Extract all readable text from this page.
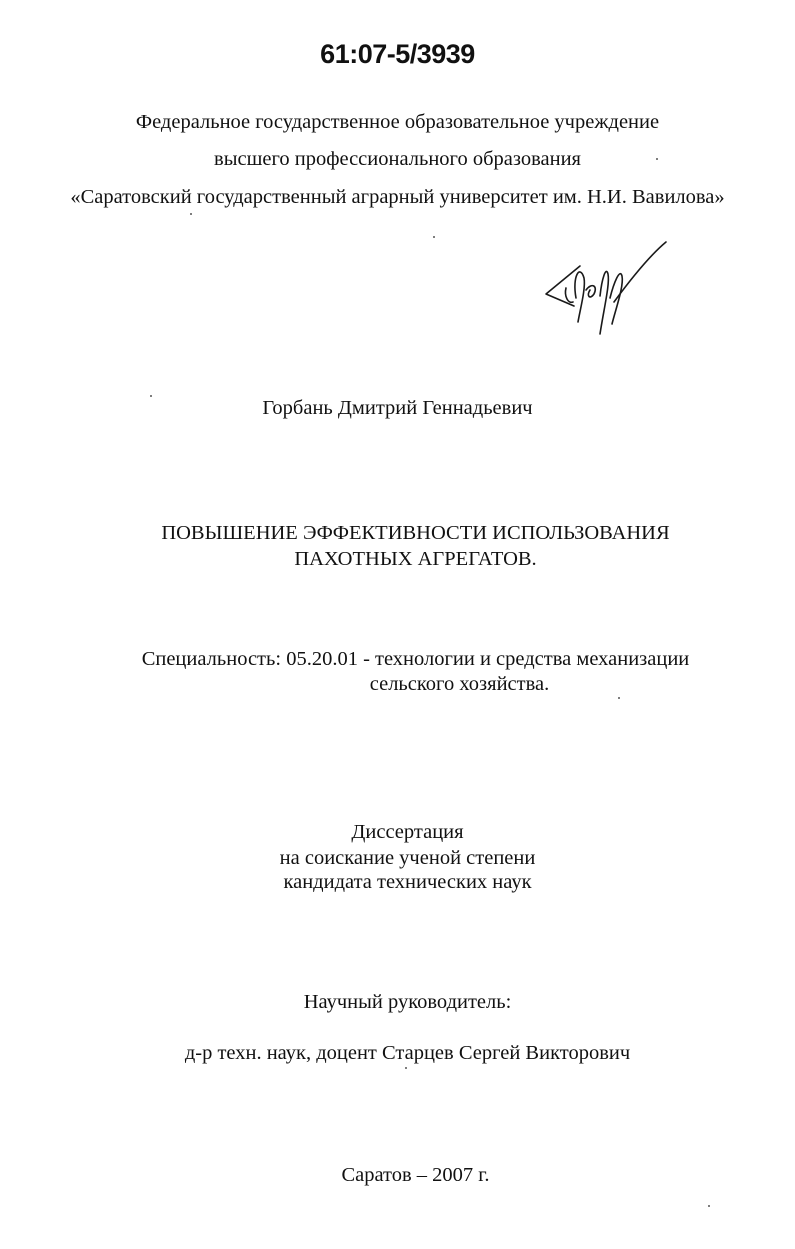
61:07-5/3939
Федеральное государственное образовательное учреждение
высшего профессионального образования
«Саратовский государственный аграрный университет им. Н.И. Вавилова»
Горбань Дмитрий Геннадьевич
ПОВЫШЕНИЕ ЭФФЕКТИВНОСТИ ИСПОЛЬЗОВАНИЯ
ПАХОТНЫХ АГРЕГАТОВ.
Специальность: 05.20.01 - технологии и средства механизации
сельского хозяйства.
Диссертация
на соискание ученой степени
кандидата технических наук
Научный руководитель:
д-р техн. наук, доцент Старцев Сергей Викторович
Саратов – 2007 г.
